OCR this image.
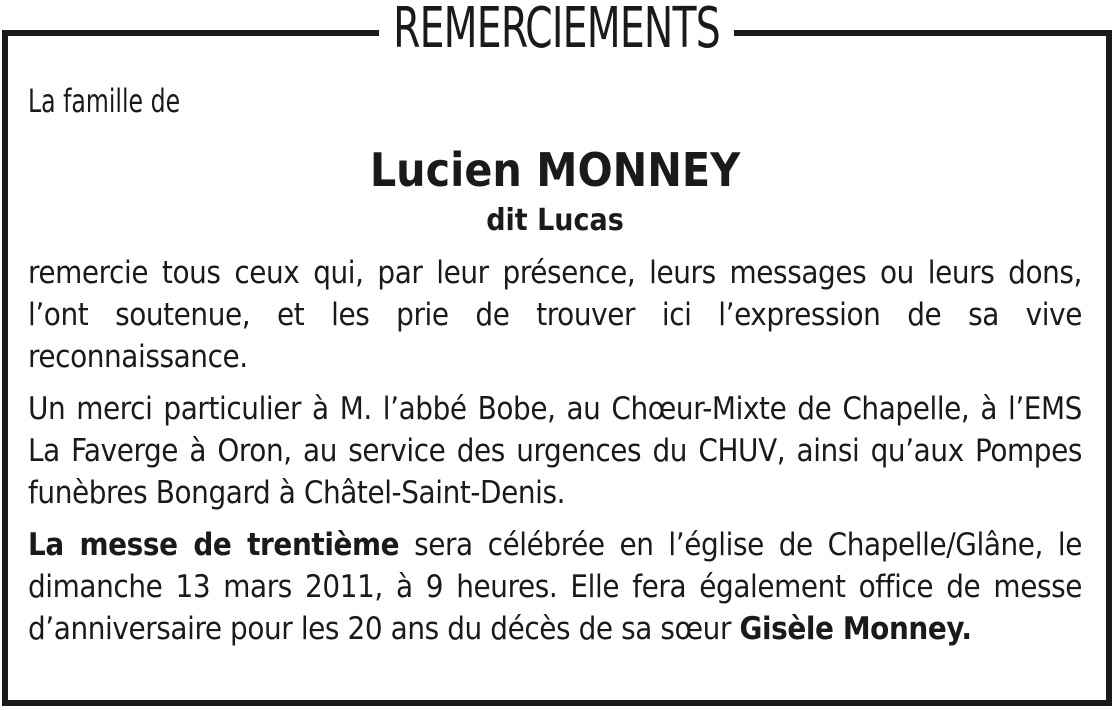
REMERCIEMENTS

La famille de

Lucien MONNEY
dit Lucas

remercie tous ceux qui, par leur présence, leurs messages ou leurs dons, l’ont soutenue, et les prie de trouver ici l’expression de sa vive reconnaissance.

Un merci particulier à M. l’abbé Bobe, au Chœur-Mixte de Chapelle, à l’EMS La Faverge à Oron, au service des urgences du CHUV, ainsi qu’aux Pompes funèbres Bongard à Châtel-Saint-Denis.

La messe de trentième sera célébrée en l’église de Chapelle/Glâne, le dimanche 13 mars 2011, à 9 heures. Elle fera également office de messe d’anniversaire pour les 20 ans du décès de sa sœur Gisèle Monney.
